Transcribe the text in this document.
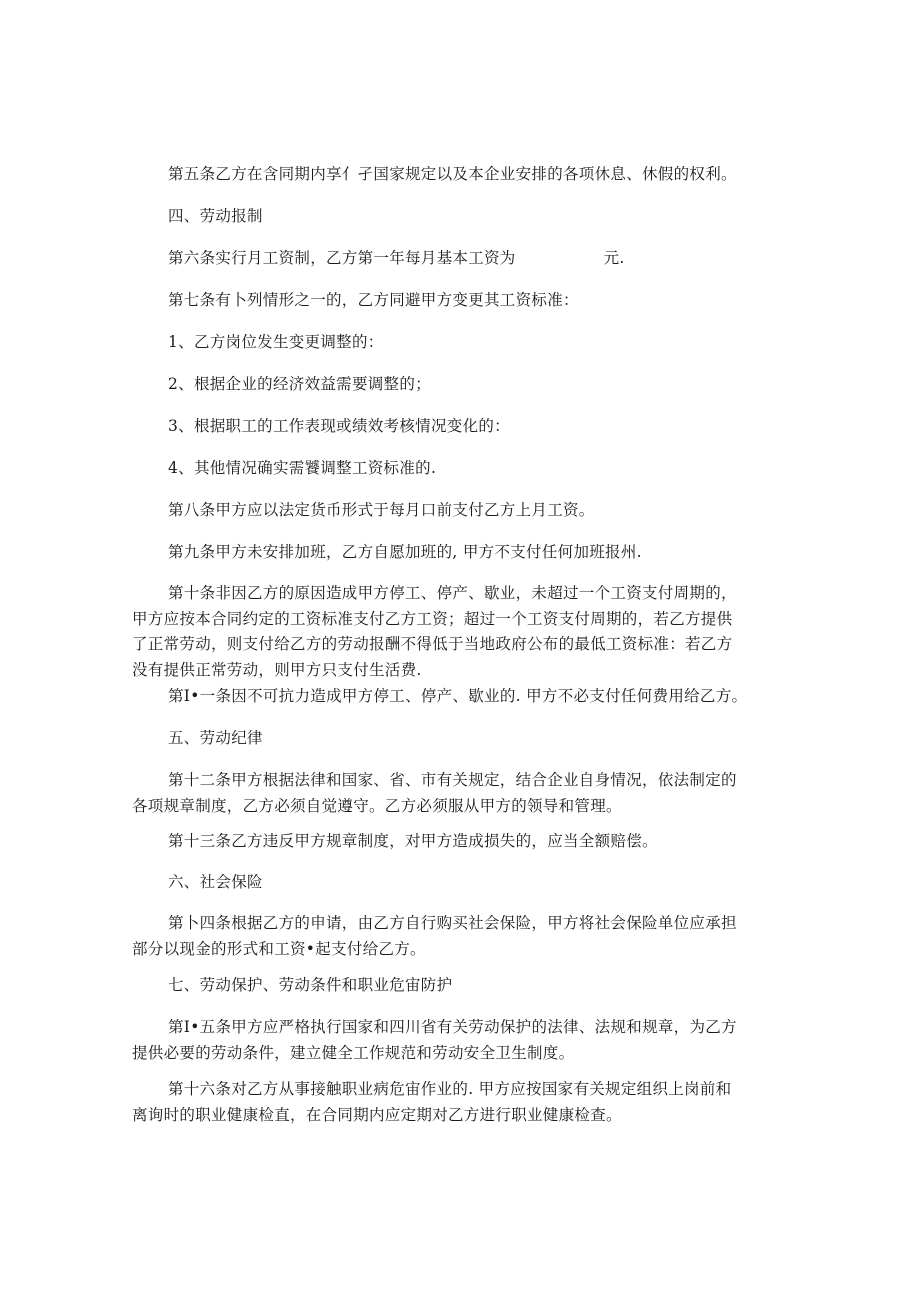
第五条乙方在含同期内享亻孑国家规定以及本企业安排的各项休息、休假的权利。
四、劳动报制
第六条实行月工资制，乙方第一年每月基本工资为	元.
第七条有卜列情形之一的，乙方同避甲方变更其工资标准：
1、乙方岗位发生变更调整的：
2、根据企业的经济效益需要调整的；
3、根据职工的工作表现或绩效考核情况变化的：
4、其他情况确实需饕调整工资标准的.
第八条甲方应以法定货币形式于每月口前支付乙方上月工资。
第九条甲方未安排加班，乙方自愿加班的, 甲方不支付任何加班报州.
第十条非因乙方的原因造成甲方停工、停产、歇业，未超过一个工资支付周期的，
甲方应按本合同约定的工资标准支付乙方工资；超过一个工资支付周期的，若乙方提供
了正常劳动，则支付给乙方的劳动报酬不得低于当地政府公布的最低工资标准：若乙方
没有提供正常劳动，则甲方只支付生活费.
第I•一条因不可抗力造成甲方停工、停产、歇业的. 甲方不必支付任何费用给乙方。
五、劳动纪律
第十二条甲方根据法律和国家、省、市有关规定，结合企业自身情况，依法制定的
各项规章制度，乙方必须自觉遵守。乙方必须服从甲方的领导和管理。
第十三条乙方违反甲方规章制度，对甲方造成损失的，应当全额赔偿。
六、社会保险
第卜四条根据乙方的申请，由乙方自行购买社会保险，甲方将社会保险单位应承担
部分以现金的形式和工资•起支付给乙方。
七、劳动保护、劳动条件和职业危宙防护
第I•五条甲方应严格执行国家和四川省有关劳动保护的法律、法规和规章，为乙方
提供必要的劳动条件，建立健全工作规范和劳动安全卫生制度。
第十六条对乙方从事接触职业病危宙作业的. 甲方应按国家有关规定组织上岗前和
离询时的职业健康检直，在合同期内应定期对乙方进行职业健康检查。
